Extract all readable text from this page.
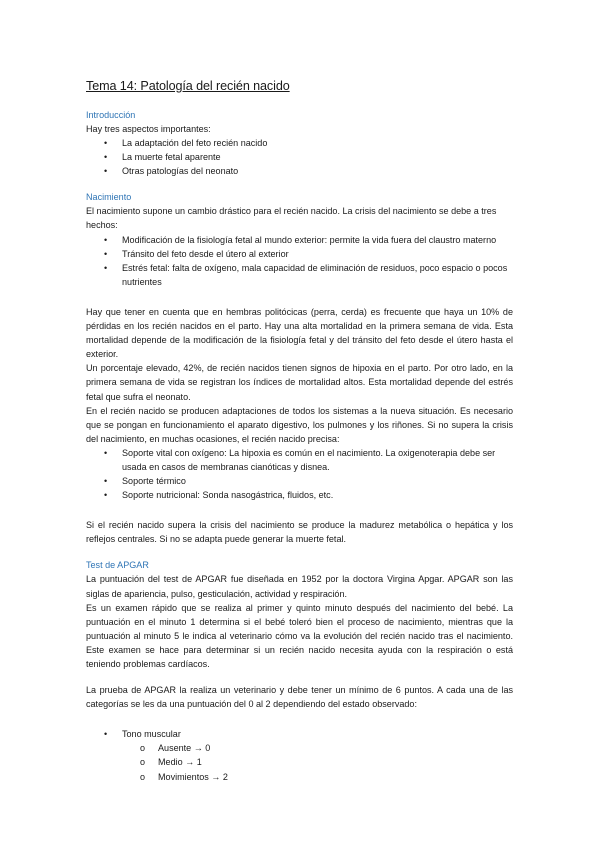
Tema 14: Patología del recién nacido

Introducción

Hay tres aspectos importantes:

• La adaptación del feto recién nacido
• La muerte fetal aparente
• Otras patologías del neonato

Nacimiento

El nacimiento supone un cambio drástico para el recién nacido. La crisis del nacimiento se debe a tres hechos:

• Modificación de la fisiología fetal al mundo exterior: permite la vida fuera del claustro materno
• Tránsito del feto desde el útero al exterior
• Estrés fetal: falta de oxígeno, mala capacidad de eliminación de residuos, poco espacio o pocos nutrientes

Hay que tener en cuenta que en hembras politócicas (perra, cerda) es frecuente que haya un 10% de pérdidas en los recién nacidos en el parto. Hay una alta mortalidad en la primera semana de vida. Esta mortalidad depende de la modificación de la fisiología fetal y del tránsito del feto desde el útero hasta el exterior.

Un porcentaje elevado, 42%, de recién nacidos tienen signos de hipoxia en el parto. Por otro lado, en la primera semana de vida se registran los índices de mortalidad altos. Esta mortalidad depende del estrés fetal que sufra el neonato.

En el recién nacido se producen adaptaciones de todos los sistemas a la nueva situación. Es necesario que se pongan en funcionamiento el aparato digestivo, los pulmones y los riñones. Si no supera la crisis del nacimiento, en muchas ocasiones, el recién nacido precisa:

• Soporte vital con oxígeno: La hipoxia es común en el nacimiento. La oxigenoterapia debe ser usada en casos de membranas cianóticas y disnea.
• Soporte térmico
• Soporte nutricional: Sonda nasogástrica, fluidos, etc.

Si el recién nacido supera la crisis del nacimiento se produce la madurez metabólica o hepática y los reflejos centrales. Si no se adapta puede generar la muerte fetal.

Test de APGAR

La puntuación del test de APGAR fue diseñada en 1952 por la doctora Virgina Apgar. APGAR son las siglas de apariencia, pulso, gesticulación, actividad y respiración.

Es un examen rápido que se realiza al primer y quinto minuto después del nacimiento del bebé. La puntuación en el minuto 1 determina si el bebé toleró bien el proceso de nacimiento, mientras que la puntuación al minuto 5 le indica al veterinario cómo va la evolución del recién nacido tras el nacimiento. Este examen se hace para determinar si un recién nacido necesita ayuda con la respiración o está teniendo problemas cardíacos.

La prueba de APGAR la realiza un veterinario y debe tener un mínimo de 6 puntos. A cada una de las categorías se les da una puntuación del 0 al 2 dependiendo del estado observado:

• Tono muscular
o Ausente → 0
o Medio → 1
o Movimientos → 2
